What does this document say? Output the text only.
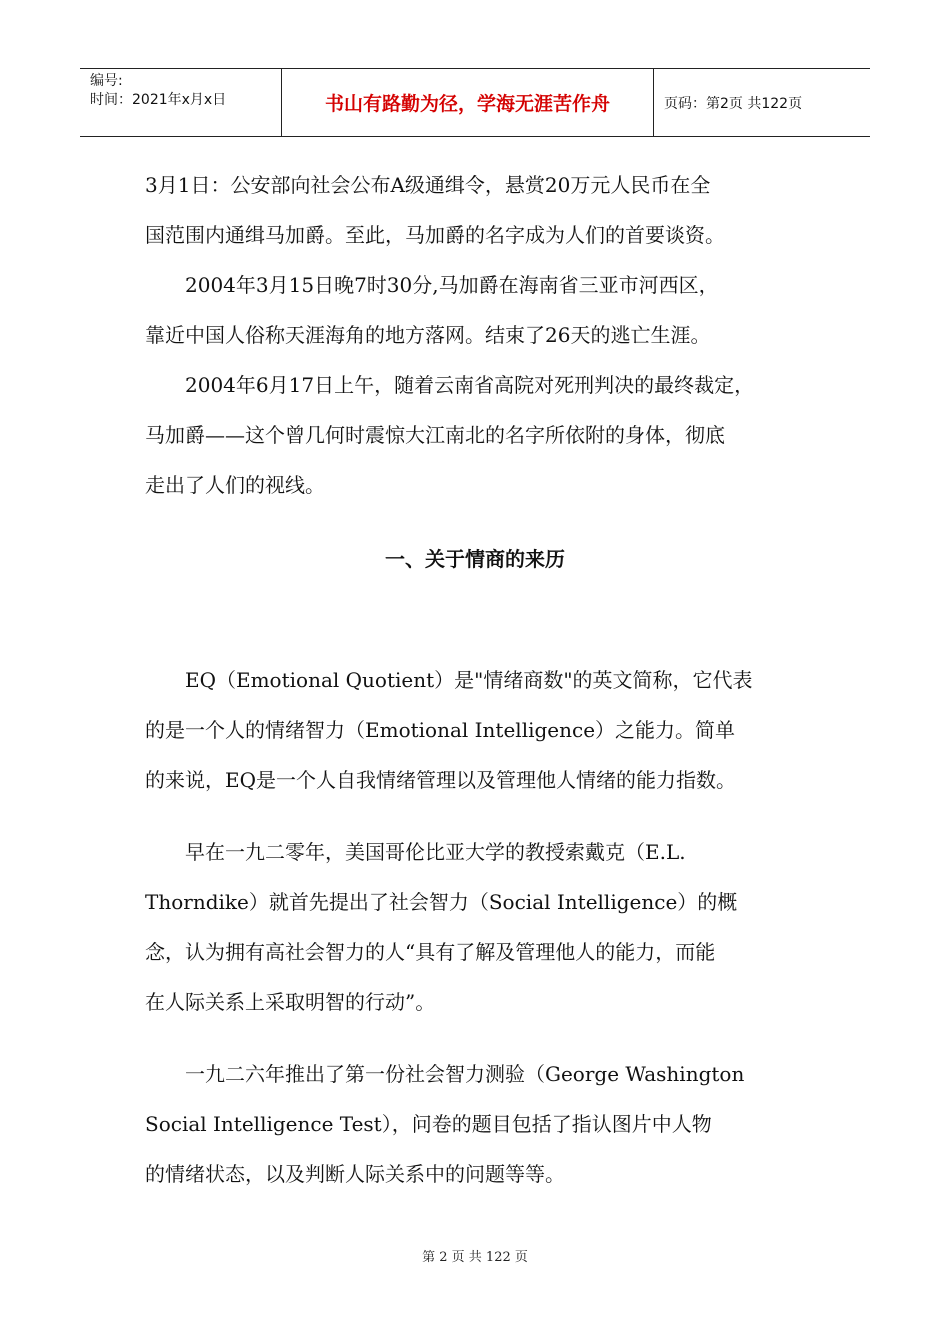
编号:
时间：2021年x月x日	书山有路勤为径，学海无涯苦作舟	页码：第2页 共122页
3月1日：公安部向社会公布A级通缉令，悬赏20万元人民币在全
国范围内通缉马加爵。至此，马加爵的名字成为人们的首要谈资。
　　2004年3月15日晚7时30分,马加爵在海南省三亚市河西区，
靠近中国人俗称天涯海角的地方落网。结束了26天的逃亡生涯。
　　2004年6月17日上午，随着云南省高院对死刑判决的最终裁定，
马加爵——这个曾几何时震惊大江南北的名字所依附的身体，彻底
走出了人们的视线。
一、关于情商的来历
　　EQ（Emotional Quotient）是"情绪商数"的英文简称，它代表
的是一个人的情绪智力（Emotional Intelligence）之能力。简单
的来说，EQ是一个人自我情绪管理以及管理他人情绪的能力指数。
　　早在一九二零年，美国哥伦比亚大学的教授索戴克（E.L.
Thorndike）就首先提出了社会智力（Social Intelligence）的概
念，认为拥有高社会智力的人“具有了解及管理他人的能力，而能
在人际关系上采取明智的行动”。
　　一九二六年推出了第一份社会智力测验（George Washington
Social Intelligence Test），问卷的题目包括了指认图片中人物
的情绪状态，以及判断人际关系中的问题等等。
第 2 页 共 122 页
